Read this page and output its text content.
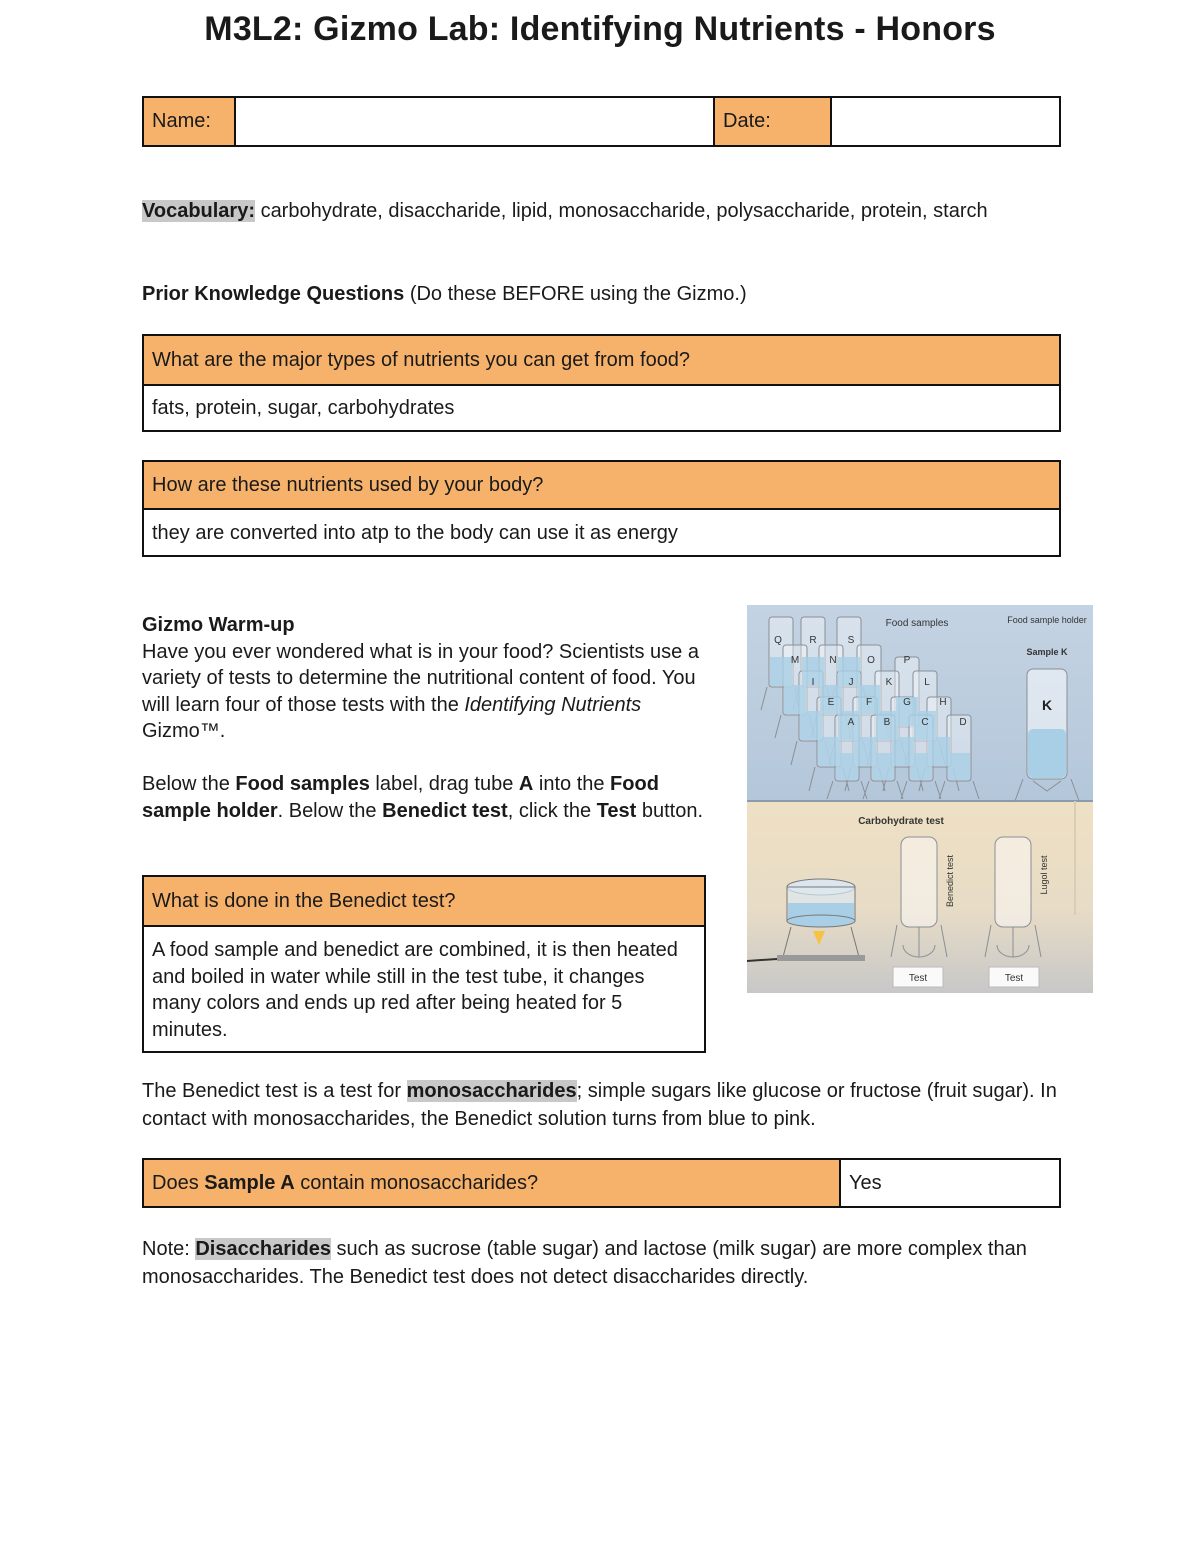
M3L2: Gizmo Lab: Identifying Nutrients - Honors
Name:	Date:
Vocabulary: carbohydrate, disaccharide, lipid, monosaccharide, polysaccharide, protein, starch
Prior Knowledge Questions (Do these BEFORE using the Gizmo.)
What are the major types of nutrients you can get from food?
fats, protein, sugar, carbohydrates
How are these nutrients used by your body?
they are converted into atp to the body can use it as energy

Gizmo Warm-up

Have you ever wondered what is in your food? Scientists use a variety of tests to determine the nutritional content of food. You will learn four of those tests with the Identifying Nutrients Gizmo™.

Below the Food samples label, drag tube A into the Food sample holder. Below the Benedict test, click the Test button.

What is done in the Benedict test?
A food sample and benedict are combined, it is then heated and boiled in water while still in the test tube, it changes many colors and ends up red after being heated for 5 minutes.
Q	R	S
M	N	O	P
I	J	K	L
E	F	G	H
A	B	C	D
Food samples	Food sample holder
Sample K
K
Carbohydrate test
Benedict test	Lugol test
Test	Test
The Benedict test is a test for monosaccharides; simple sugars like glucose or fructose (fruit sugar). In contact with monosaccharides, the Benedict solution turns from blue to pink.
Does Sample A contain monosaccharides?	Yes
Note: Disaccharides such as sucrose (table sugar) and lactose (milk sugar) are more complex than monosaccharides. The Benedict test does not detect disaccharides directly.
